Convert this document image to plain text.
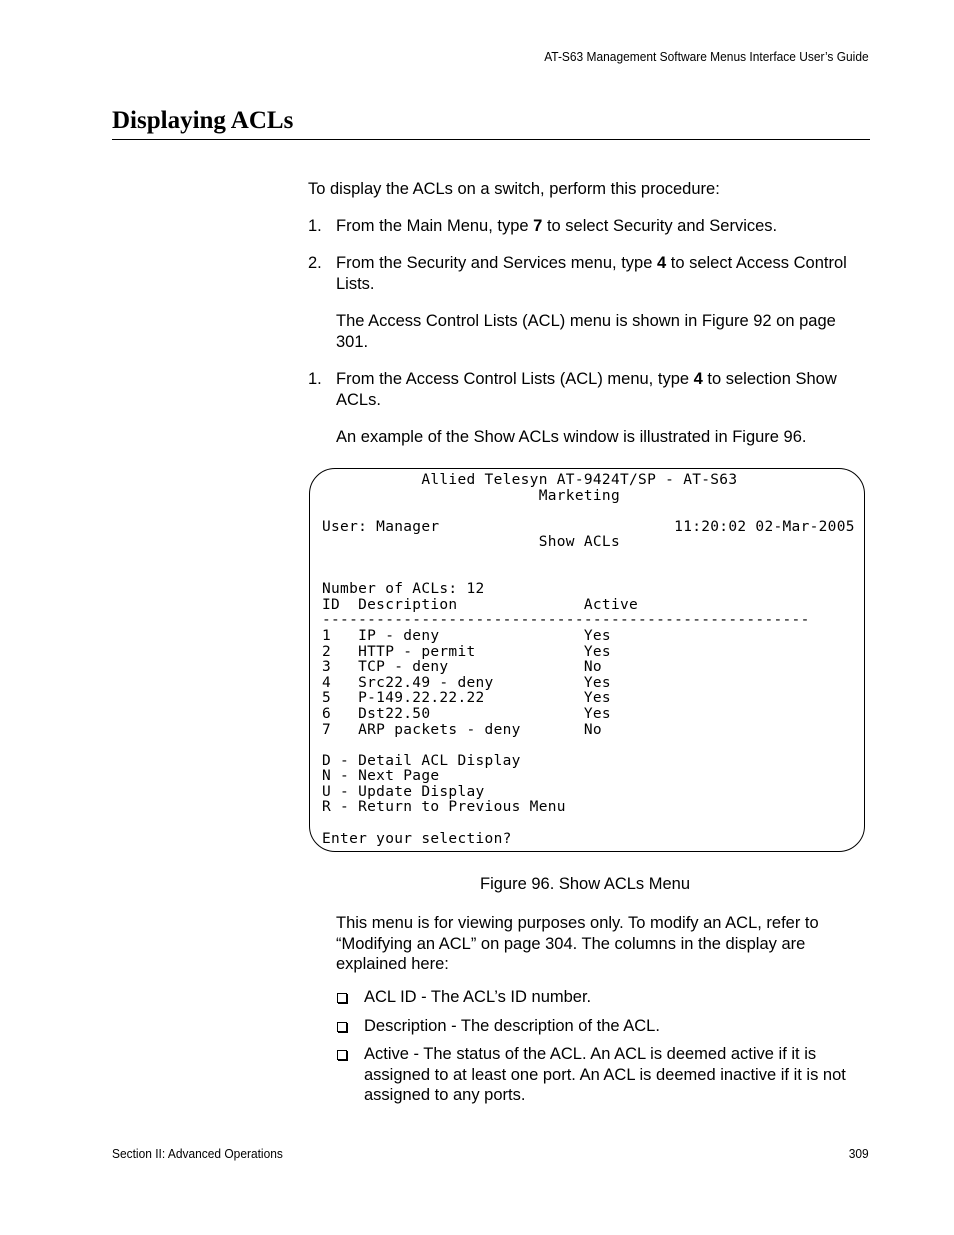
AT-S63 Management Software Menus Interface User’s Guide
Displaying ACLs
To display the ACLs on a switch, perform this procedure:
1. From the Main Menu, type 7 to select Security and Services.
2. From the Security and Services menu, type 4 to select Access Control Lists.
The Access Control Lists (ACL) menu is shown in Figure 92 on page 301.
1. From the Access Control Lists (ACL) menu, type 4 to selection Show ACLs.
An example of the Show ACLs window is illustrated in Figure 96.
Allied Telesyn AT-9424T/SP - AT-S63
Marketing

User: Manager                          11:20:02 02-Mar-2005
Show ACLs

Number of ACLs: 12
ID  Description              Active
------------------------------------------------------
1   IP - deny                Yes
2   HTTP - permit            Yes
3   TCP - deny               No
4   Src22.49 - deny          Yes
5   P-149.22.22.22           Yes
6   Dst22.50                 Yes
7   ARP packets - deny       No

D - Detail ACL Display
N - Next Page
U - Update Display
R - Return to Previous Menu

Enter your selection?
Figure 96. Show ACLs Menu
This menu is for viewing purposes only. To modify an ACL, refer to “Modifying an ACL” on page 304. The columns in the display are explained here:
ACL ID - The ACL’s ID number.
Description - The description of the ACL.
Active - The status of the ACL. An ACL is deemed active if it is assigned to at least one port. An ACL is deemed inactive if it is not assigned to any ports.
Section II: Advanced Operations	309
